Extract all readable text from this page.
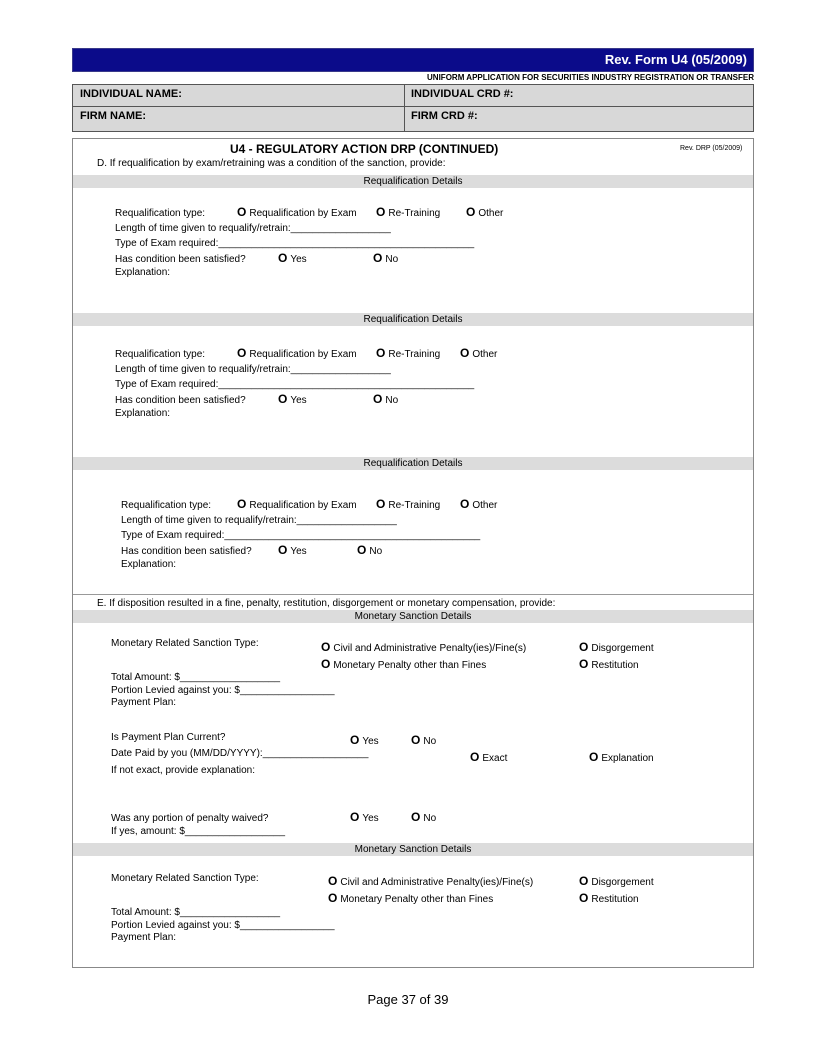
Rev. Form U4 (05/2009)
UNIFORM APPLICATION FOR SECURITIES INDUSTRY REGISTRATION OR TRANSFER
INDIVIDUAL NAME:	INDIVIDUAL CRD #:
FIRM NAME:	FIRM CRD #:
U4 - REGULATORY ACTION DRP (CONTINUED)	Rev. DRP (05/2009)
D. If requalification by exam/retraining was a condition of the sanction, provide:
Requalification Details
Requalification type:	O Requalification by Exam O Re-Training O Other
Length of time given to requalify/retrain:__________________
Type of Exam required:______________________________________________
Has condition been satisfied?	O Yes	O No
Explanation:
Requalification Details
Requalification type:	O Requalification by Exam O Re-Training O Other
Length of time given to requalify/retrain:__________________
Type of Exam required:______________________________________________
Has condition been satisfied?	O Yes	O No
Explanation:
Requalification Details
Requalification type: O Requalification by Exam O Re-Training O Other
Length of time given to requalify/retrain:__________________
Type of Exam required:______________________________________________
Has condition been satisfied? O Yes	O No
Explanation:
E. If disposition resulted in a fine, penalty, restitution, disgorgement or monetary compensation, provide:
Monetary Sanction Details
Monetary Related Sanction Type:	O Civil and Administrative Penalty(ies)/Fine(s)	O Disgorgement
O Monetary Penalty other than Fines	O Restitution
Total Amount: $__________________
Portion Levied against you: $_________________
Payment Plan:
Is Payment Plan Current?	O Yes	O No
Date Paid by you (MM/DD/YYYY):___________________	O Exact	O Explanation
If not exact, provide explanation:
Was any portion of penalty waived?	O Yes	O No
If yes, amount: $__________________
Monetary Sanction Details
Monetary Related Sanction Type:	O Civil and Administrative Penalty(ies)/Fine(s)	O Disgorgement
O Monetary Penalty other than Fines	O Restitution
Total Amount: $__________________
Portion Levied against you: $_________________
Payment Plan:
Page 37 of 39
